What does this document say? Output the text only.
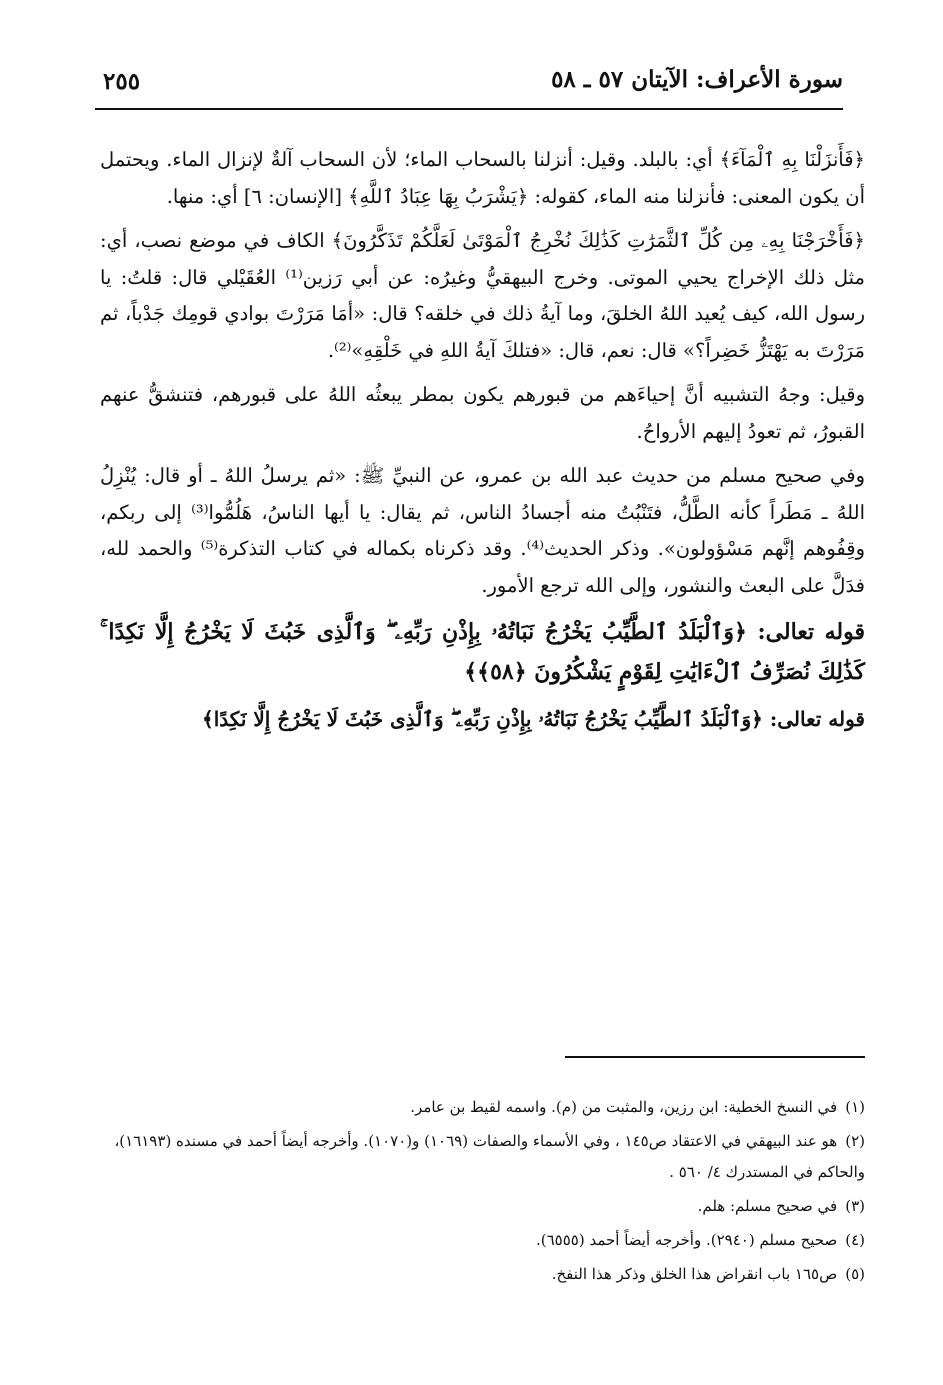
سورة الأعراف: الآيتان ٥٧ ـ ٥٨
٢٥٥

﴿فَأَنزَلْنَا بِهِ ٱلْمَآءَ﴾ أي: بالبلد. وقيل: أنزلنا بالسحاب الماء؛ لأن السحاب آلةٌ لإنزال الماء. ويحتمل أن يكون المعنى: فأنزلنا منه الماء، كقوله: ﴿يَشْرَبُ بِهَا عِبَادُ ٱللَّهِ﴾ [الإنسان: ٦] أي: منها.

﴿فَأَخْرَجْنَا بِهِۦ مِن كُلِّ ٱلثَّمَرَٰتِ كَذَٰلِكَ نُخْرِجُ ٱلْمَوْتَىٰ لَعَلَّكُمْ تَذَكَّرُونَ﴾ الكاف في موضع نصب، أي: مثل ذلك الإخراج يحيي الموتى. وخرج البيهقيُّ وغيرُه: عن أبي رَزين⁽¹⁾ العُقَيْلي قال: قلتُ: يا رسول الله، كيف يُعيد اللهُ الخلقَ، وما آيةُ ذلك في خلقه؟ قال: «أمَا مَرَرْتَ بوادي قومِك جَدْباً، ثم مَرَرْتَ به يَهْتَزُّ خَضِراً؟» قال: نعم، قال: «فتلكَ آيةُ اللهِ في خَلْقِهِ»⁽²⁾.

وقيل: وجهُ التشبيه أنَّ إحياءَهم من قبورهم يكون بمطر يبعثُه اللهُ على قبورهم، فتنشقُّ عنهم القبورُ، ثم تعودُ إليهم الأرواحُ.

وفي صحيح مسلم من حديث عبد الله بن عمرو، عن النبيِّ ﷺ: «ثم يرسلُ اللهُ ـ أو قال: يُنْزِلُ اللهُ ـ مَطَراً كأنه الطَّلُّ، فتَنْبُتُ منه أجسادُ الناس، ثم يقال: يا أيها الناسُ، هَلُمُّوا⁽³⁾ إلى ربكم، وقِفُوهم إنَّهم مَسْؤولون». وذكر الحديث⁽⁴⁾. وقد ذكرناه بكماله في كتاب التذكرة⁽⁵⁾ والحمد لله، فدَلَّ على البعث والنشور، وإلى الله ترجع الأمور.

قوله تعالى: ﴿وَٱلْبَلَدُ ٱلطَّيِّبُ يَخْرُجُ نَبَاتُهُۥ بِإِذْنِ رَبِّهِۦ ۖ وَٱلَّذِى خَبُثَ لَا يَخْرُجُ إِلَّا نَكِدًا ۚ كَذَٰلِكَ نُصَرِّفُ ٱلْءَايَٰتِ لِقَوْمٍ يَشْكُرُونَ ﴿٥٨﴾﴾

قوله تعالى: ﴿وَٱلْبَلَدُ ٱلطَّيِّبُ يَخْرُجُ نَبَاتُهُۥ بِإِذْنِ رَبِّهِۦ ۖ وَٱلَّذِى خَبُثَ لَا يَخْرُجُ إِلَّا نَكِدًا﴾

(١)في النسخ الخطية: ابن رزين، والمثبت من (م). واسمه لقيط بن عامر.
(٢)هو عند البيهقي في الاعتقاد ص١٤٥ ، وفي الأسماء والصفات (١٠٦٩) و(١٠٧٠). وأخرجه أيضاً أحمد في مسنده (١٦١٩٣)، والحاكم في المستدرك ٤/ ٥٦٠ .
(٣)في صحيح مسلم: هلم.
(٤)صحيح مسلم (٢٩٤٠). وأخرجه أيضاً أحمد (٦٥٥٥).
(٥)ص١٦٥ باب انقراض هذا الخلق وذكر هذا النفخ.
